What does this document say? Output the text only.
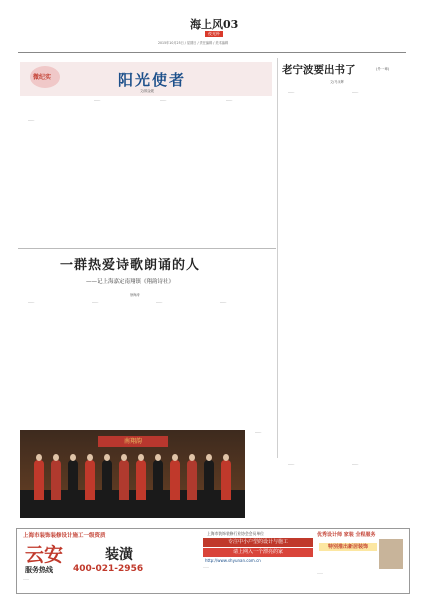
海上风03
夜光杯
2015年10月25日 / 星期日 / 责任编辑 / 美术编辑
微纪实	阳光使者
文/顾金媛

……

……	……	……

老宁波要出书了	(外一章)
文/马永辉

……	……

一群热爱诗歌朗诵的人
——记上海嘉定南翔镇《翔韵诗社》
徐海涛

……	……	……	……

南翔韵

……

……	……

上海市装饰装修设计施工一级资质
云安	装潢
服务热线 400-021-2956
……
上海市装饰装修行业协会会员单位
专注中小户型的设计与施工
请上网入一个漂亮的家
http://www.shyunan.com.cn
……
优秀设计师 家装 全程服务
特别推出新居装饰
……
